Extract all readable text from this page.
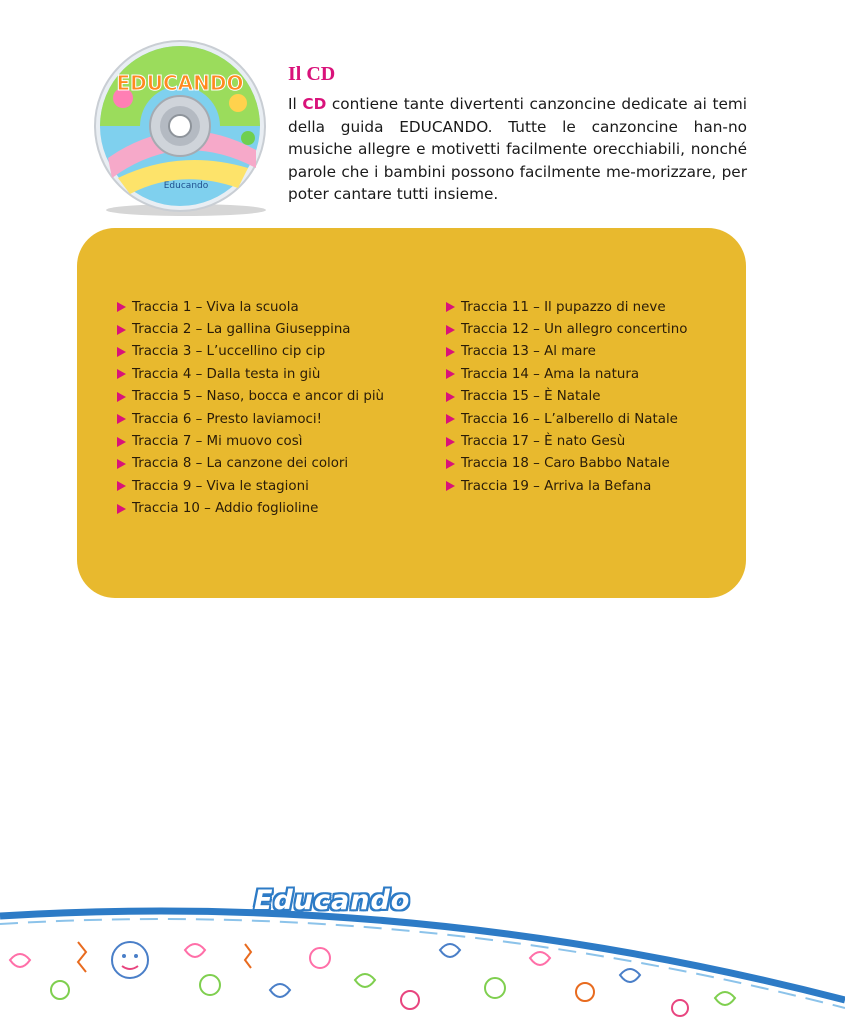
EDUCANDO
Educando
Il CD

Il CD contiene tante divertenti canzoncine dedicate ai temi della guida EDUCANDO. Tutte le canzoncine han-no musiche allegre e motivetti facilmente orecchiabili, nonché parole che i bambini possono facilmente me-morizzare, per poter cantare tutti insieme.

Traccia 1 – Viva la scuola
Traccia 2 – La gallina Giuseppina
Traccia 3 – L’uccellino cip cip
Traccia 4 – Dalla testa in giù
Traccia 5 – Naso, bocca e ancor di più
Traccia 6 – Presto laviamoci!
Traccia 7 – Mi muovo così
Traccia 8 – La canzone dei colori
Traccia 9 – Viva le stagioni
Traccia 10 – Addio foglioline
Traccia 11 – Il pupazzo di neve
Traccia 12 – Un allegro concertino
Traccia 13 – Al mare
Traccia 14 – Ama la natura
Traccia 15 – È Natale
Traccia 16 – L’alberello di Natale
Traccia 17 – È nato Gesù
Traccia 18 – Caro Babbo Natale
Traccia 19 – Arriva la Befana

Educando
